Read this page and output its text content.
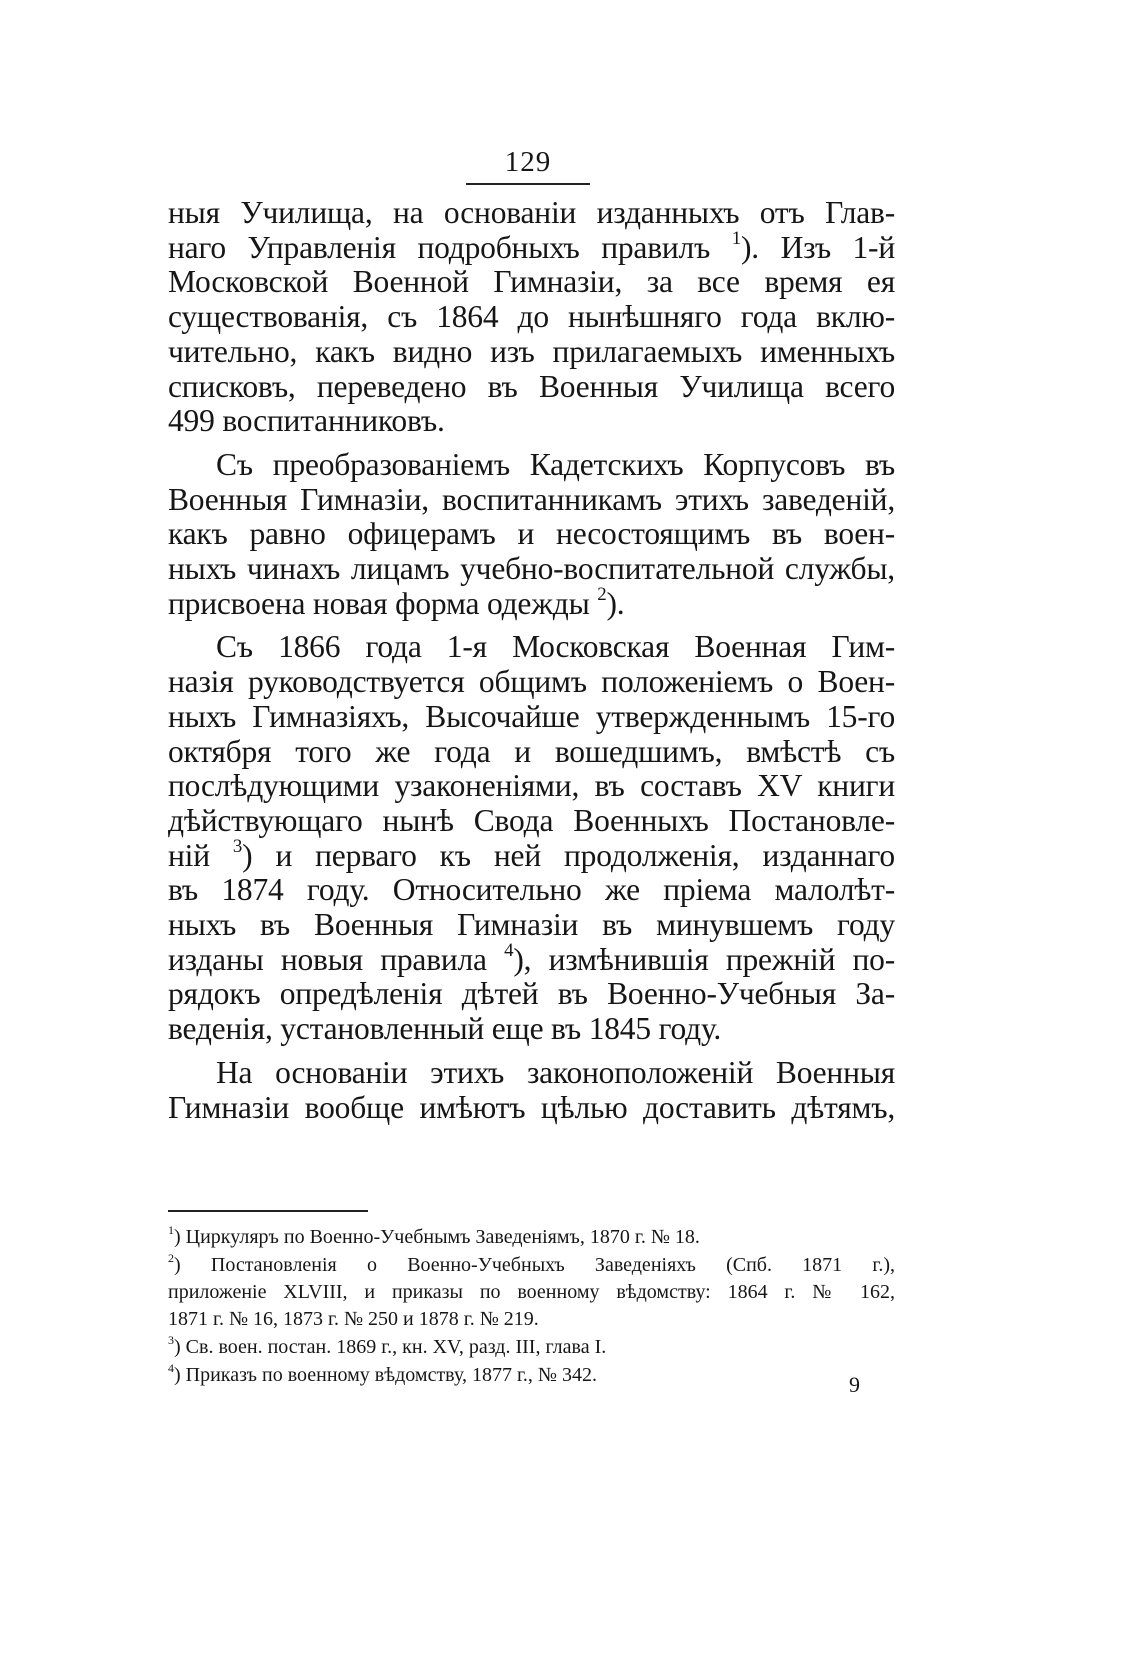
129

ныя Училища, на основанiи изданныхъ отъ Глав-
наго Управленiя подробныхъ правилъ $^1$). Изъ 1-й
Московской Военной Гимназiи, за все время ея
существованiя, съ 1864 до нынѣшняго года вклю-
чительно, какъ видно изъ прилагаемыхъ именныхъ
списковъ, переведено въ Военныя Училища всего
499 воспитанниковъ.

Съ преобразованiемъ Кадетскихъ Корпусовъ въ
Военныя Гимназiи, воспитанникамъ этихъ заведенiй,
какъ равно офицерамъ и несостоящимъ въ воен-
ныхъ чинахъ лицамъ учебно-воспитательной службы,
присвоена новая форма одежды $^2$).

Съ 1866 года 1-я Московская Военная Гим-
назiя руководствуется общимъ положенiемъ о Воен-
ныхъ Гимназiяхъ, Высочайше утвержденнымъ 15-го
октября того же года и вошедшимъ, вмѣстѣ съ
послѣдующими узаконенiями, въ составъ XV книги
дѣйствующаго нынѣ Свода Военныхъ Постановле-
нiй $^3$) и перваго къ ней продолженiя, изданнаго
въ 1874 году. Относительно же прiема малолѣт-
ныхъ въ Военныя Гимназiи въ минувшемъ году
изданы новыя правила $^4$), измѣнившiя прежнiй по-
рядокъ опредѣленiя дѣтей въ Военно-Учебныя За-
веденiя, установленный еще въ 1845 году.

На основанiи этихъ законоположенiй Военныя
Гимназiи вообще имѣютъ цѣлью доставить дѣтямъ,

$^1$) Циркуляръ по Военно-Учебнымъ Заведенiямъ, 1870 г. № 18.
$^2$) Постановленiя о Военно-Учебныхъ Заведенiяхъ (Спб. 1871 г.),
приложенiе XLVIII, и приказы по военному вѣдомству: 1864 г. № 162,
1871 г. № 16, 1873 г. № 250 и 1878 г. № 219.
$^3$) Св. воен. постан. 1869 г., кн. XV, разд. III, глава I.
$^4$) Приказъ по военному вѣдомству, 1877 г., № 342.	9
